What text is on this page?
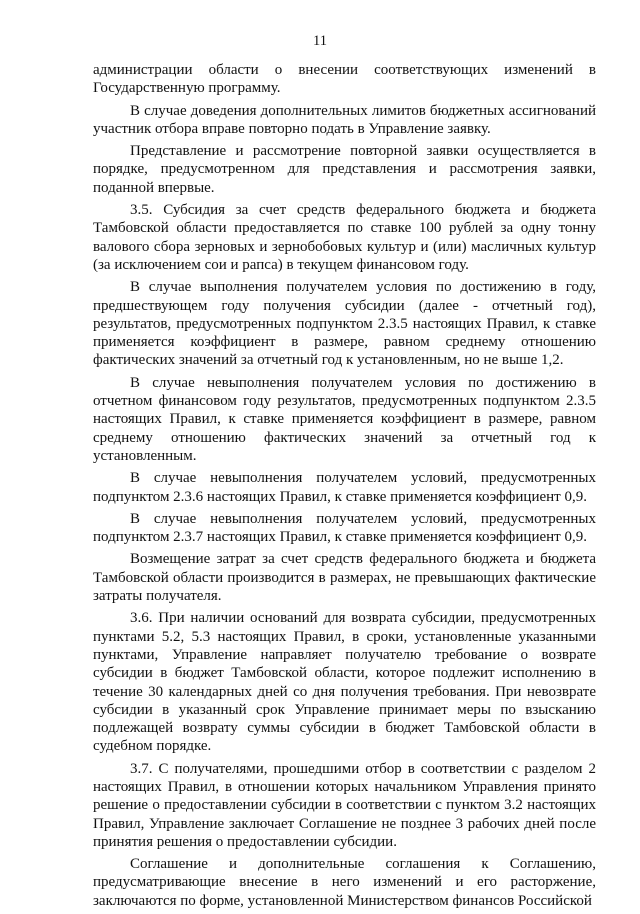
11

администрации области о внесении соответствующих изменений в Государственную программу.

В случае доведения дополнительных лимитов бюджетных ассигнований участник отбора вправе повторно подать в Управление заявку.

Представление и рассмотрение повторной заявки осуществляется в порядке, предусмотренном для представления и рассмотрения заявки, поданной впервые.

3.5. Субсидия за счет средств федерального бюджета и бюджета Тамбовской области предоставляется по ставке 100 рублей за одну тонну валового сбора зерновых и зернобобовых культур и (или) масличных культур (за исключением сои и рапса) в текущем финансовом году.

В случае выполнения получателем условия по достижению в году, предшествующем году получения субсидии (далее - отчетный год), результатов, предусмотренных подпунктом 2.3.5 настоящих Правил, к ставке применяется коэффициент в размере, равном среднему отношению фактических значений за отчетный год к установленным, но не выше 1,2.

В случае невыполнения получателем условия по достижению в отчетном финансовом году результатов, предусмотренных подпунктом 2.3.5 настоящих Правил, к ставке применяется коэффициент в размере, равном среднему отношению фактических значений за отчетный год к установленным.

В случае невыполнения получателем условий, предусмотренных подпунктом 2.3.6 настоящих Правил, к ставке применяется коэффициент 0,9.

В случае невыполнения получателем условий, предусмотренных подпунктом 2.3.7 настоящих Правил, к ставке применяется коэффициент 0,9.

Возмещение затрат за счет средств федерального бюджета и бюджета Тамбовской области производится в размерах, не превышающих фактические затраты получателя.

3.6. При наличии оснований для возврата субсидии, предусмотренных пунктами 5.2, 5.3 настоящих Правил, в сроки, установленные указанными пунктами, Управление направляет получателю требование о возврате субсидии в бюджет Тамбовской области, которое подлежит исполнению в течение 30 календарных дней со дня получения требования. При невозврате субсидии в указанный срок Управление принимает меры по взысканию подлежащей возврату суммы субсидии в бюджет Тамбовской области в судебном порядке.

3.7. С получателями, прошедшими отбор в соответствии с разделом 2 настоящих Правил, в отношении которых начальником Управления принято решение о предоставлении субсидии в соответствии с пунктом 3.2 настоящих Правил, Управление заключает Соглашение не позднее 3 рабочих дней после принятия решения о предоставлении субсидии.

Соглашение и дополнительные соглашения к Соглашению, предусматривающие внесение в него изменений и его расторжение, заключаются по форме, установленной Министерством финансов Российской
